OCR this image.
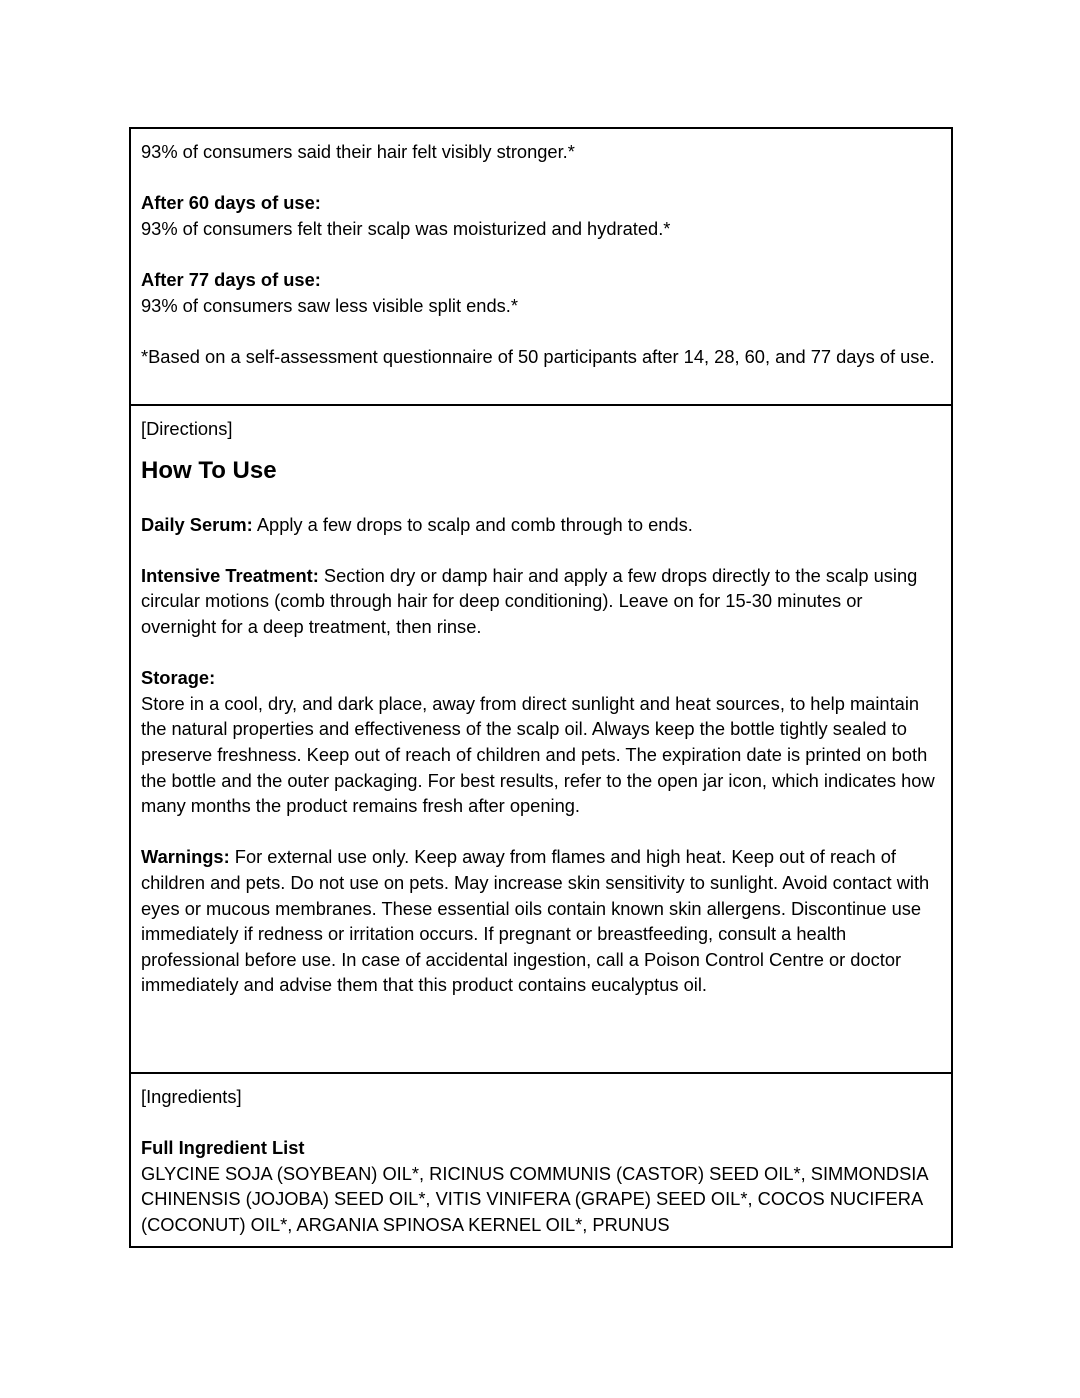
93% of consumers said their hair felt visibly stronger.*

After 60 days of use:
93% of consumers felt their scalp was moisturized and hydrated.*
After 77 days of use:
93% of consumers saw less visible split ends.*

*Based on a self-assessment questionnaire of 50 participants after 14, 28, 60, and 77 days of use.

[Directions]
How To Use

Daily Serum: Apply a few drops to scalp and comb through to ends.

Intensive Treatment: Section dry or damp hair and apply a few drops directly to the scalp using circular motions (comb through hair for deep conditioning). Leave on for 15-30 minutes or overnight for a deep treatment, then rinse.

Storage:
Store in a cool, dry, and dark place, away from direct sunlight and heat sources, to help maintain the natural properties and effectiveness of the scalp oil. Always keep the bottle tightly sealed to preserve freshness. Keep out of reach of children and pets. The expiration date is printed on both the bottle and the outer packaging. For best results, refer to the open jar icon, which indicates how many months the product remains fresh after opening.

Warnings: For external use only. Keep away from flames and high heat. Keep out of reach of children and pets. Do not use on pets. May increase skin sensitivity to sunlight. Avoid contact with eyes or mucous membranes. These essential oils contain known skin allergens. Discontinue use immediately if redness or irritation occurs. If pregnant or breastfeeding, consult a health professional before use. In case of accidental ingestion, call a Poison Control Centre or doctor immediately and advise them that this product contains eucalyptus oil.

[Ingredients]

Full Ingredient List
GLYCINE SOJA (SOYBEAN) OIL*, RICINUS COMMUNIS (CASTOR) SEED OIL*, SIMMONDSIA CHINENSIS (JOJOBA) SEED OIL*, VITIS VINIFERA (GRAPE) SEED OIL*, COCOS NUCIFERA (COCONUT) OIL*, ARGANIA SPINOSA KERNEL OIL*, PRUNUS
